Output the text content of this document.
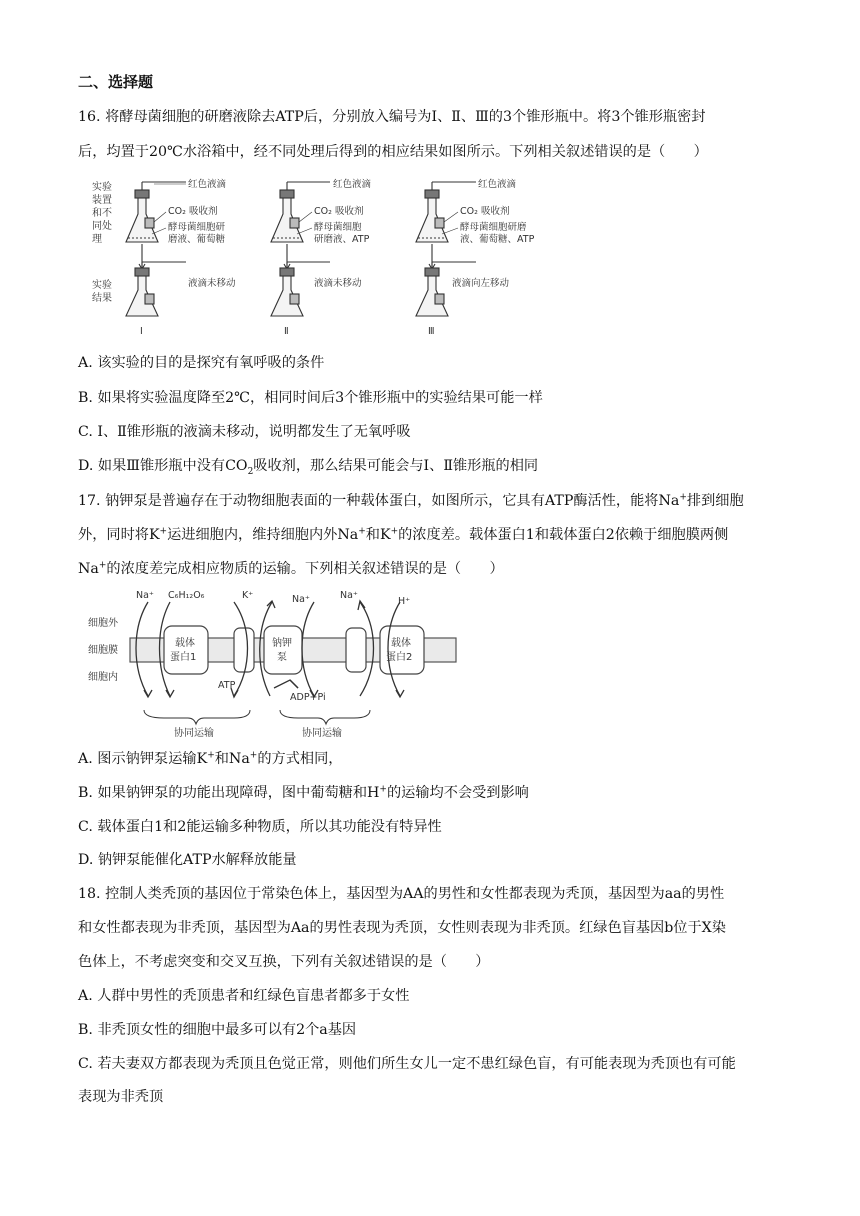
二、选择题
16. 将酵母菌细胞的研磨液除去ATP后，分别放入编号为Ⅰ、Ⅱ、Ⅲ的3个锥形瓶中。将3个锥形瓶密封
后，均置于20℃水浴箱中，经不同处理后得到的相应结果如图所示。下列相关叙述错误的是（　　）
实验
装置
和不
同处
理
实验
结果
红色液滴
CO₂ 吸收剂
酵母菌细胞研
磨液、葡萄糖
液滴未移动
Ⅰ
红色液滴
CO₂ 吸收剂
酵母菌细胞
研磨液、ATP
液滴未移动
Ⅱ
红色液滴
CO₂ 吸收剂
酵母菌细胞研磨
液、葡萄糖、ATP
液滴向左移动
Ⅲ
A. 该实验的目的是探究有氧呼吸的条件
B. 如果将实验温度降至2℃，相同时间后3个锥形瓶中的实验结果可能一样
C. Ⅰ、Ⅱ锥形瓶的液滴未移动，说明都发生了无氧呼吸
D. 如果Ⅲ锥形瓶中没有$CO_2$吸收剂，那么结果可能会与Ⅰ、Ⅱ锥形瓶的相同
17. 钠钾泵是普遍存在于动物细胞表面的一种载体蛋白，如图所示，它具有ATP酶活性，能将Na+排到细胞
外，同时将K+运进细胞内，维持细胞内外Na+和K+的浓度差。载体蛋白1和载体蛋白2依赖于细胞膜两侧
Na+的浓度差完成相应物质的运输。下列相关叙述错误的是（　　）
细胞外
细胞膜
细胞内
载体
蛋白1
钠钾
泵
载体
蛋白2
Na⁺ C₆H₁₂O₆	K⁺	Na⁺	Na⁺
H⁺
ATP
ADP+Pi
协同运输	协同运输
A. 图示钠钾泵运输K+和Na+的方式相同，
B. 如果钠钾泵的功能出现障碍，图中葡萄糖和H+的运输均不会受到影响
C. 载体蛋白1和2能运输多种物质，所以其功能没有特异性
D. 钠钾泵能催化ATP水解释放能量
18. 控制人类秃顶的基因位于常染色体上，基因型为AA的男性和女性都表现为秃顶，基因型为aa的男性
和女性都表现为非秃顶，基因型为Aa的男性表现为秃顶，女性则表现为非秃顶。红绿色盲基因b位于X染
色体上，不考虑突变和交叉互换，下列有关叙述错误的是（　　）
A. 人群中男性的秃顶患者和红绿色盲患者都多于女性
B. 非秃顶女性的细胞中最多可以有2个a基因
C. 若夫妻双方都表现为秃顶且色觉正常，则他们所生女儿一定不患红绿色盲，有可能表现为秃顶也有可能
表现为非秃顶
